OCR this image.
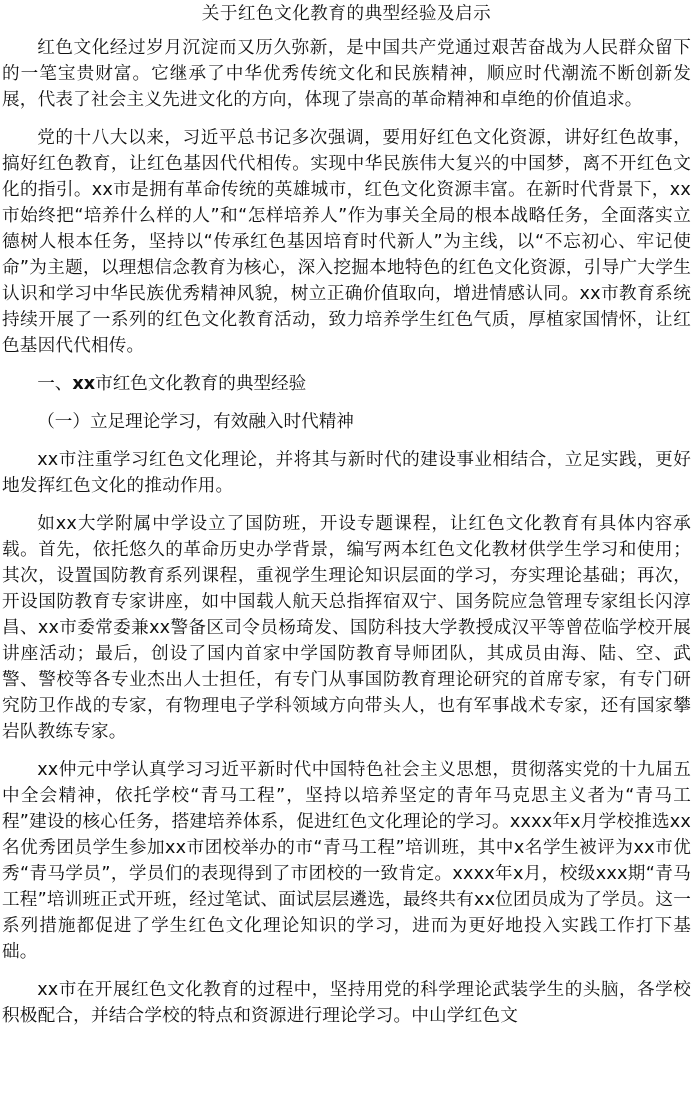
关于红色文化教育的典型经验及启示

红色文化经过岁月沉淀而又历久弥新，是中国共产党通过艰苦奋战为人民群众留下的一笔宝贵财富。它继承了中华优秀传统文化和民族精神，顺应时代潮流不断创新发展，代表了社会主义先进文化的方向，体现了崇高的革命精神和卓绝的价值追求。

党的十八大以来，习近平总书记多次强调，要用好红色文化资源，讲好红色故事，搞好红色教育，让红色基因代代相传。实现中华民族伟大复兴的中国梦，离不开红色文化的指引。xx市是拥有革命传统的英雄城市，红色文化资源丰富。在新时代背景下，xx市始终把“培养什么样的人”和“怎样培养人”作为事关全局的根本战略任务，全面落实立德树人根本任务，坚持以“传承红色基因培育时代新人”为主线，以“不忘初心、牢记使命”为主题，以理想信念教育为核心，深入挖掘本地特色的红色文化资源，引导广大学生认识和学习中华民族优秀精神风貌，树立正确价值取向，增进情感认同。xx市教育系统持续开展了一系列的红色文化教育活动，致力培养学生红色气质，厚植家国情怀，让红色基因代代相传。

一、xx市红色文化教育的典型经验

（一）立足理论学习，有效融入时代精神

xx市注重学习红色文化理论，并将其与新时代的建设事业相结合，立足实践，更好地发挥红色文化的推动作用。

如xx大学附属中学设立了国防班，开设专题课程，让红色文化教育有具体内容承载。首先，依托悠久的革命历史办学背景，编写两本红色文化教材供学生学习和使用；其次，设置国防教育系列课程，重视学生理论知识层面的学习，夯实理论基础；再次，开设国防教育专家讲座，如中国载人航天总指挥宿双宁、国务院应急管理专家组长闪淳昌、xx市委常委兼xx警备区司令员杨琦发、国防科技大学教授成汉平等曾莅临学校开展讲座活动；最后，创设了国内首家中学国防教育导师团队，其成员由海、陆、空、武警、警校等各专业杰出人士担任，有专门从事国防教育理论研究的首席专家，有专门研究防卫作战的专家，有物理电子学科领域方向带头人，也有军事战术专家，还有国家攀岩队教练专家。

xx仲元中学认真学习习近平新时代中国特色社会主义思想，贯彻落实党的十九届五中全会精神，依托学校“青马工程”，坚持以培养坚定的青年马克思主义者为“青马工程”建设的核心任务，搭建培养体系，促进红色文化理论的学习。xxxx年x月学校推选xx名优秀团员学生参加xx市团校举办的市“青马工程”培训班，其中x名学生被评为xx市优秀“青马学员”，学员们的表现得到了市团校的一致肯定。xxxx年x月，校级xxx期“青马工程”培训班正式开班，经过笔试、面试层层遴选，最终共有xx位团员成为了学员。这一系列措施都促进了学生红色文化理论知识的学习，进而为更好地投入实践工作打下基础。

xx市在开展红色文化教育的过程中，坚持用党的科学理论武装学生的头脑，各学校积极配合，并结合学校的特点和资源进行理论学习。中山学红色文
